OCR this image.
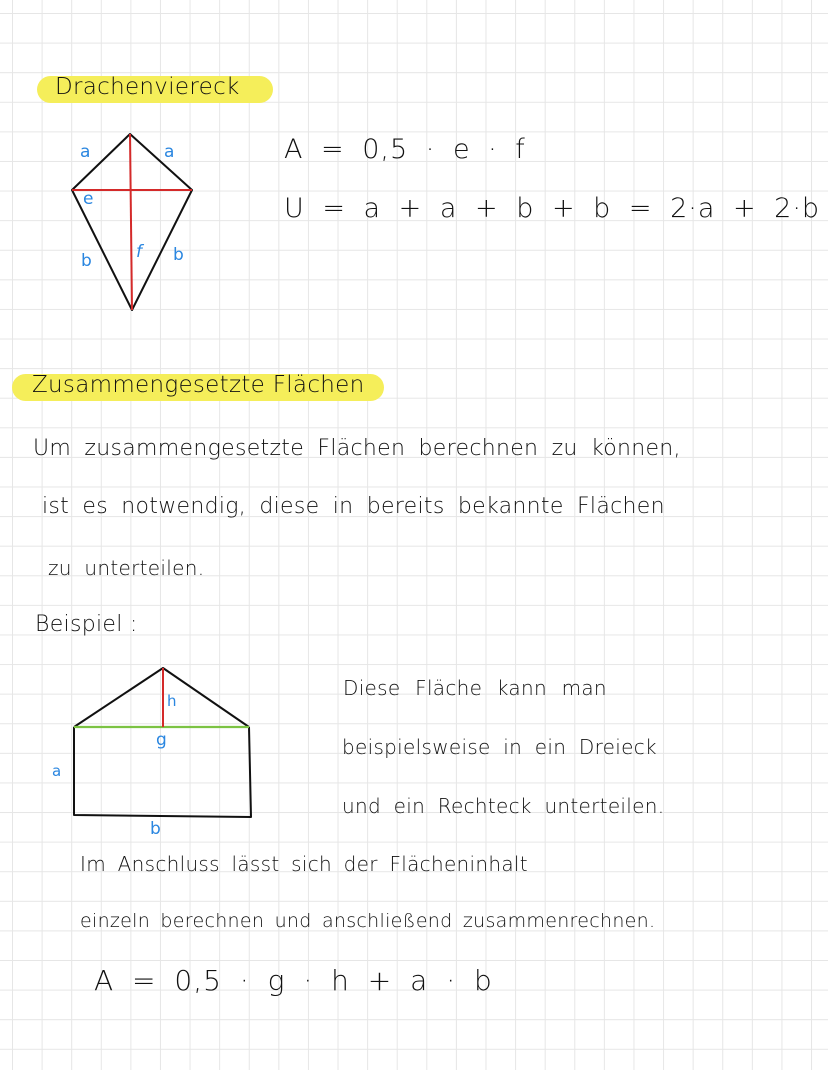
Drachenviereck
a	a
e
f
b	b
A = 0,5 · e · f
U = a + a + b + b = 2·a + 2·b
Zusammengesetzte Flächen
Um zusammengesetzte Flächen berechnen zu können,
ist es notwendig, diese in bereits bekannte Flächen
zu unterteilen.
Beispiel :
h
g
a
b
Diese Fläche kann man
beispielsweise in ein Dreieck
und ein Rechteck unterteilen.
Im Anschluss lässt sich der Flächeninhalt
einzeln berechnen und anschließend zusammenrechnen.
A = 0,5 · g · h + a · b
